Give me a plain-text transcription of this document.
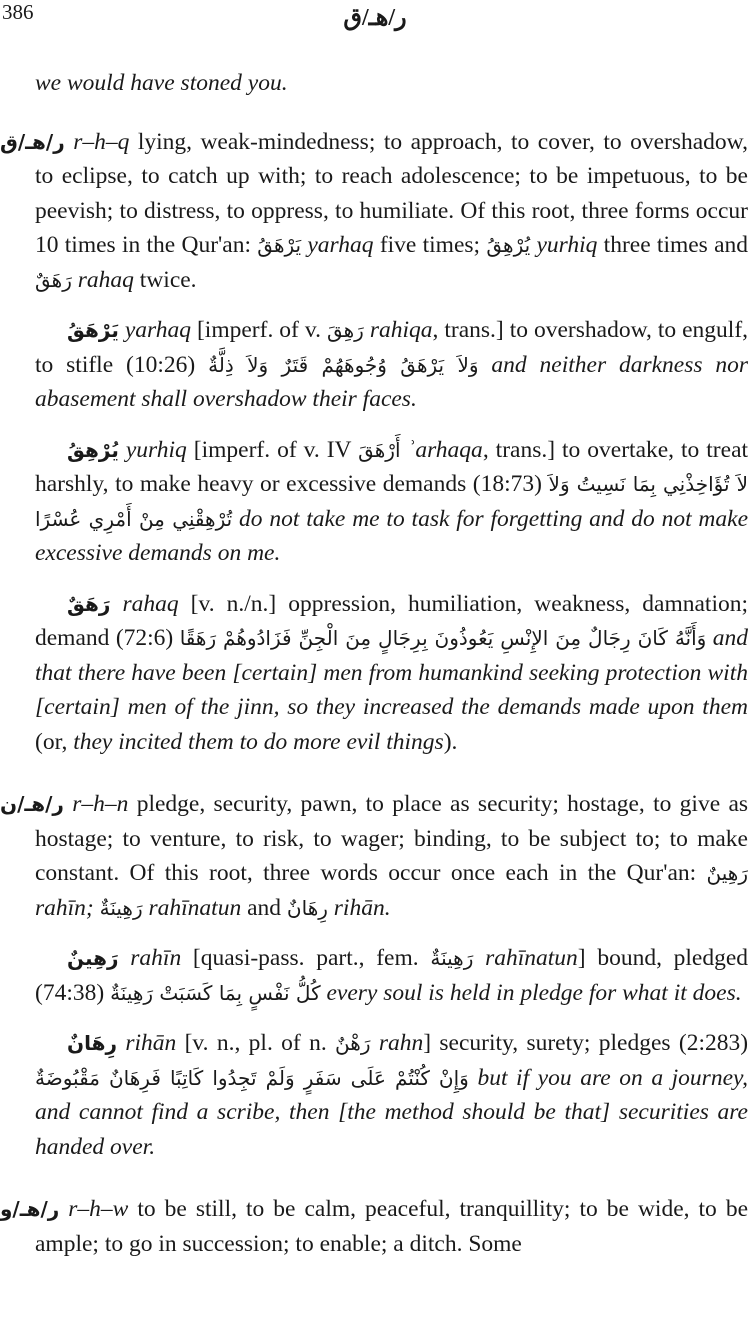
386	ر/هـ/ق

we would have stoned you.

ر/هـ/ق r–h–q lying, weak-mindedness; to approach, to cover, to overshadow, to eclipse, to catch up with; to reach adolescence; to be impetuous, to be peevish; to distress, to oppress, to humiliate. Of this root, three forms occur 10 times in the Qur'an: يَرْهَقُ yarhaq five times; يُرْهِقُ yurhiq three times and رَهَقٌ rahaq twice.

يَرْهَقُ yarhaq [imperf. of v. رَهِقَ rahiqa, trans.] to overshadow, to engulf, to stifle (10:26) وَلاَ يَرْهَقُ وُجُوهَهُمْ قَتَرٌ وَلاَ ذِلَّةٌ and neither darkness nor abasement shall overshadow their faces.

يُرْهِقُ yurhiq [imperf. of v. IV أَرْهَقَ ʾarhaqa, trans.] to overtake, to treat harshly, to make heavy or excessive demands (18:73) لاَ تُؤَاخِذْنِي بِمَا نَسِيتُ وَلاَ تُرْهِقْنِي مِنْ أَمْرِي عُسْرًا do not take me to task for forgetting and do not make excessive demands on me.

رَهَقٌ rahaq [v. n./n.] oppression, humiliation, weakness, damnation; demand (72:6) وَأَنَّهُ كَانَ رِجَالٌ مِنَ الإِنْسِ يَعُوذُونَ بِرِجَالٍ مِنَ الْجِنِّ فَزَادُوهُمْ رَهَقًا and that there have been [certain] men from humankind seeking protection with [certain] men of the jinn, so they increased the demands made upon them (or, they incited them to do more evil things).

ر/هـ/ن r–h–n pledge, security, pawn, to place as security; hostage, to give as hostage; to venture, to risk, to wager; binding, to be subject to; to make constant. Of this root, three words occur once each in the Qur'an: رَهِينٌ rahīn; رَهِينَةٌ rahīnatun and رِهَانٌ rihān.

رَهِينٌ rahīn [quasi-pass. part., fem. رَهِينَةٌ rahīnatun] bound, pledged (74:38) كُلُّ نَفْسٍ بِمَا كَسَبَتْ رَهِينَةٌ every soul is held in pledge for what it does.

رِهَانٌ rihān [v. n., pl. of n. رَهْنٌ rahn] security, surety; pledges (2:283) وَإِنْ كُنْتُمْ عَلَى سَفَرٍ وَلَمْ تَجِدُوا كَاتِبًا فَرِهَانٌ مَقْبُوضَةٌ but if you are on a journey, and cannot find a scribe, then [the method should be that] securities are handed over.

ر/هـ/و r–h–w to be still, to be calm, peaceful, tranquillity; to be wide, to be ample; to go in succession; to enable; a ditch. Some
